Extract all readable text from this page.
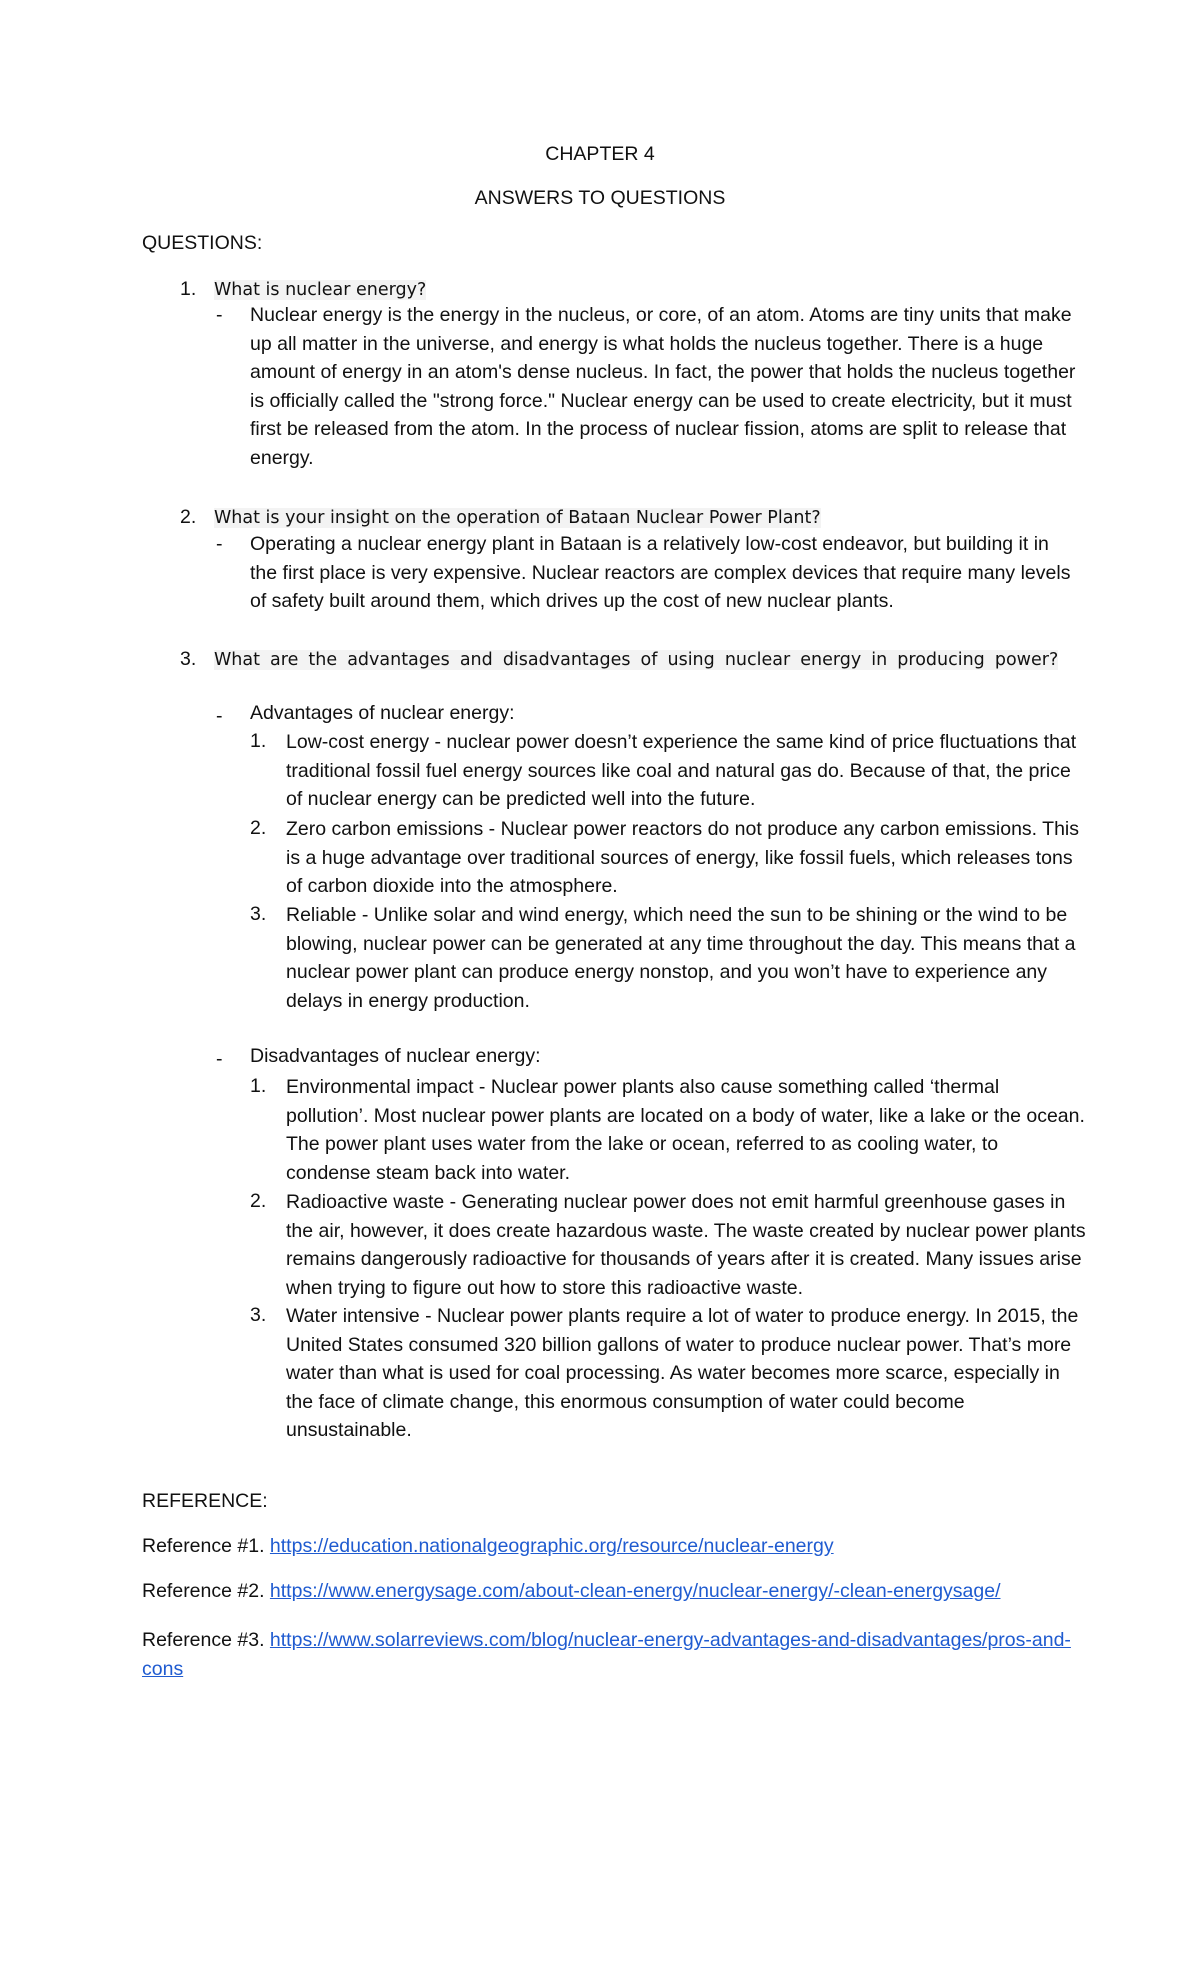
CHAPTER 4
ANSWERS TO QUESTIONS
QUESTIONS:
1. What is nuclear energy?
- Nuclear energy is the energy in the nucleus, or core, of an atom. Atoms are tiny units that make up all matter in the universe, and energy is what holds the nucleus together. There is a huge amount of energy in an atom's dense nucleus. In fact, the power that holds the nucleus together is officially called the "strong force." Nuclear energy can be used to create electricity, but it must first be released from the atom. In the process of nuclear fission, atoms are split to release that energy.
2. What is your insight on the operation of Bataan Nuclear Power Plant?
- Operating a nuclear energy plant in Bataan is a relatively low-cost endeavor, but building it in the first place is very expensive. Nuclear reactors are complex devices that require many levels of safety built around them, which drives up the cost of new nuclear plants.
3. What are the advantages and disadvantages of using nuclear energy in producing power?
- Advantages of nuclear energy:
1. Low-cost energy - nuclear power doesn’t experience the same kind of price fluctuations that traditional fossil fuel energy sources like coal and natural gas do. Because of that, the price of nuclear energy can be predicted well into the future.
2. Zero carbon emissions - Nuclear power reactors do not produce any carbon emissions. This is a huge advantage over traditional sources of energy, like fossil fuels, which releases tons of carbon dioxide into the atmosphere.
3. Reliable - Unlike solar and wind energy, which need the sun to be shining or the wind to be blowing, nuclear power can be generated at any time throughout the day. This means that a nuclear power plant can produce energy nonstop, and you won’t have to experience any delays in energy production.
- Disadvantages of nuclear energy:
1. Environmental impact - Nuclear power plants also cause something called ‘thermal pollution’. Most nuclear power plants are located on a body of water, like a lake or the ocean. The power plant uses water from the lake or ocean, referred to as cooling water, to condense steam back into water.
2. Radioactive waste - Generating nuclear power does not emit harmful greenhouse gases in the air, however, it does create hazardous waste. The waste created by nuclear power plants remains dangerously radioactive for thousands of years after it is created. Many issues arise when trying to figure out how to store this radioactive waste.
3. Water intensive - Nuclear power plants require a lot of water to produce energy. In 2015, the United States consumed 320 billion gallons of water to produce nuclear power. That’s more water than what is used for coal processing. As water becomes more scarce, especially in the face of climate change, this enormous consumption of water could become unsustainable.
REFERENCE:
Reference #1. https://education.nationalgeographic.org/resource/nuclear-energy
Reference #2. https://www.energysage.com/about-clean-energy/nuclear-energy/-clean-energysage/
Reference #3. https://www.solarreviews.com/blog/nuclear-energy-advantages-and-disadvantages/pros-and-cons
